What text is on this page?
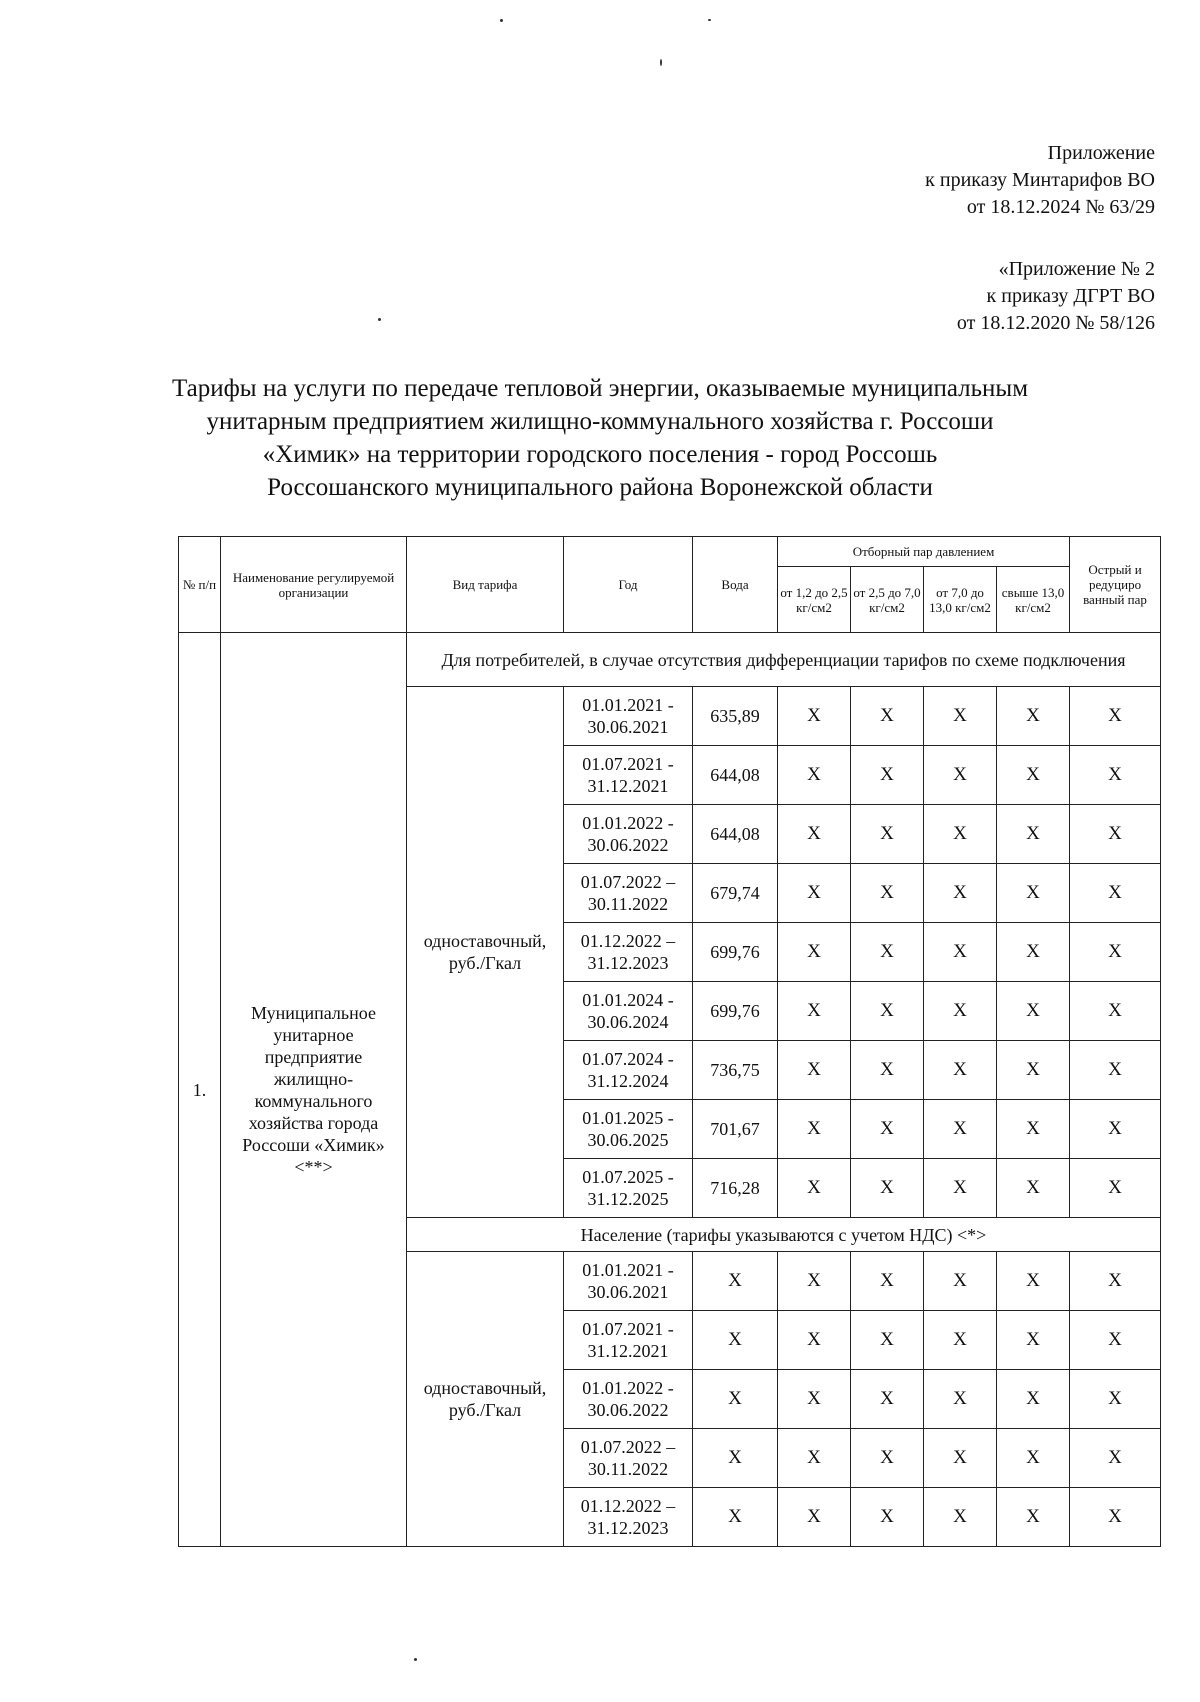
Приложение
к приказу Минтарифов ВО
от 18.12.2024 № 63/29
«Приложение № 2
к приказу ДГРТ ВО
от 18.12.2020 № 58/126
Тарифы на услуги по передаче тепловой энергии, оказываемые муниципальным
унитарным предприятием жилищно-коммунального хозяйства г. Россоши
«Химик» на территории городского поселения - город Россошь
Россошанского муниципального района Воронежской области
№ п/п	Наименование регулируемой организации	Вид тарифа	Год	Вода	Отборный пар давлением				Острый и редуциро ванный пар
					от 1,2 до 2,5 кг/см2	от 2,5 до 7,0 кг/см2	от 7,0 до 13,0 кг/см2	свыше 13,0 кг/см2	
1.	Муниципальное унитарное предприятие жилищно-коммунального хозяйства города Россоши «Химик» <**>	Для потребителей, в случае отсутствия дифференциации тарифов по схеме подключения							
		одноставочный, руб./Гкал	01.01.2021 - 30.06.2021	635,89	X	X	X	X	X
			01.07.2021 - 31.12.2021	644,08	X	X	X	X	X
			01.01.2022 - 30.06.2022	644,08	X	X	X	X	X
			01.07.2022 – 30.11.2022	679,74	X	X	X	X	X
			01.12.2022 – 31.12.2023	699,76	X	X	X	X	X
			01.01.2024 - 30.06.2024	699,76	X	X	X	X	X
			01.07.2024 - 31.12.2024	736,75	X	X	X	X	X
			01.01.2025 - 30.06.2025	701,67	X	X	X	X	X
			01.07.2025 - 31.12.2025	716,28	X	X	X	X	X
		Население (тарифы указываются с учетом НДС) <*>							
		одноставочный, руб./Гкал	01.01.2021 - 30.06.2021	X	X	X	X	X	X
			01.07.2021 - 31.12.2021	X	X	X	X	X	X
			01.01.2022 - 30.06.2022	X	X	X	X	X	X
			01.07.2022 – 30.11.2022	X	X	X	X	X	X
			01.12.2022 – 31.12.2023	X	X	X	X	X	X
